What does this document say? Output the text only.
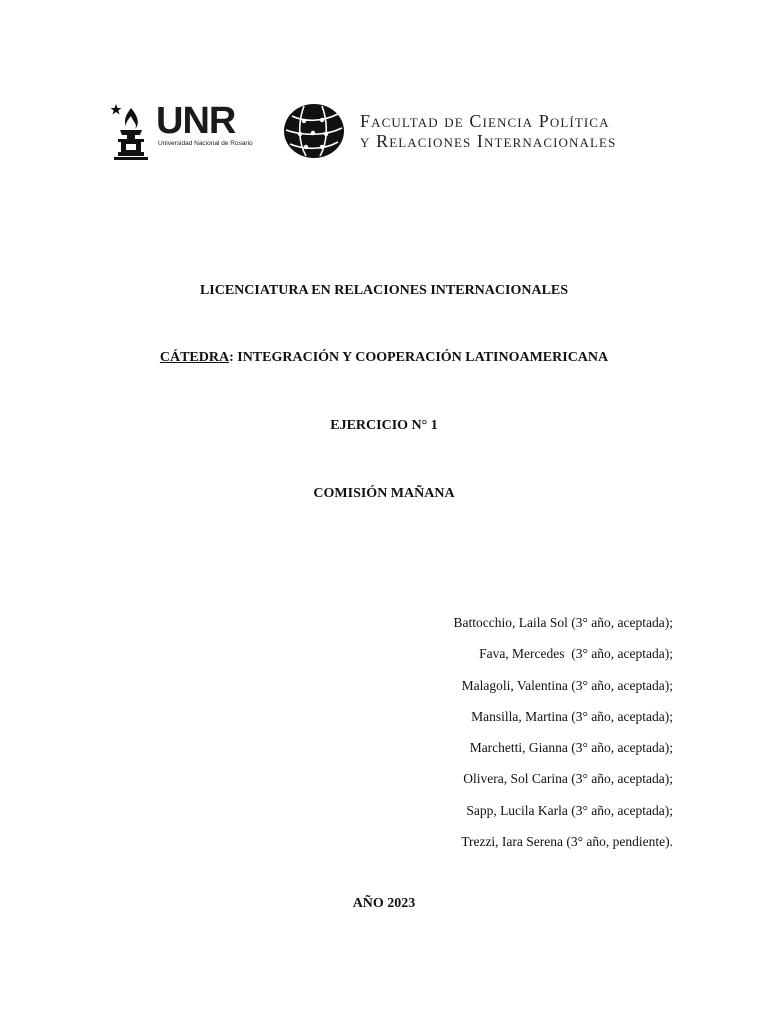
UNR
Universidad Nacional de Rosario
Facultad de Ciencia Política
y Relaciones Internacionales
LICENCIATURA EN RELACIONES INTERNACIONALES
CÁTEDRA: INTEGRACIÓN Y COOPERACIÓN LATINOAMERICANA
EJERCICIO N° 1
COMISIÓN MAÑANA
Battocchio, Laila Sol (3° año, aceptada);
Fava, Mercedes  (3° año, aceptada);
Malagoli, Valentina (3° año, aceptada);
Mansilla, Martina (3° año, aceptada);
Marchetti, Gianna (3° año, aceptada);
Olivera, Sol Carina (3° año, aceptada);
Sapp, Lucila Karla (3° año, aceptada);
Trezzi, Iara Serena (3° año, pendiente).
AÑO 2023
